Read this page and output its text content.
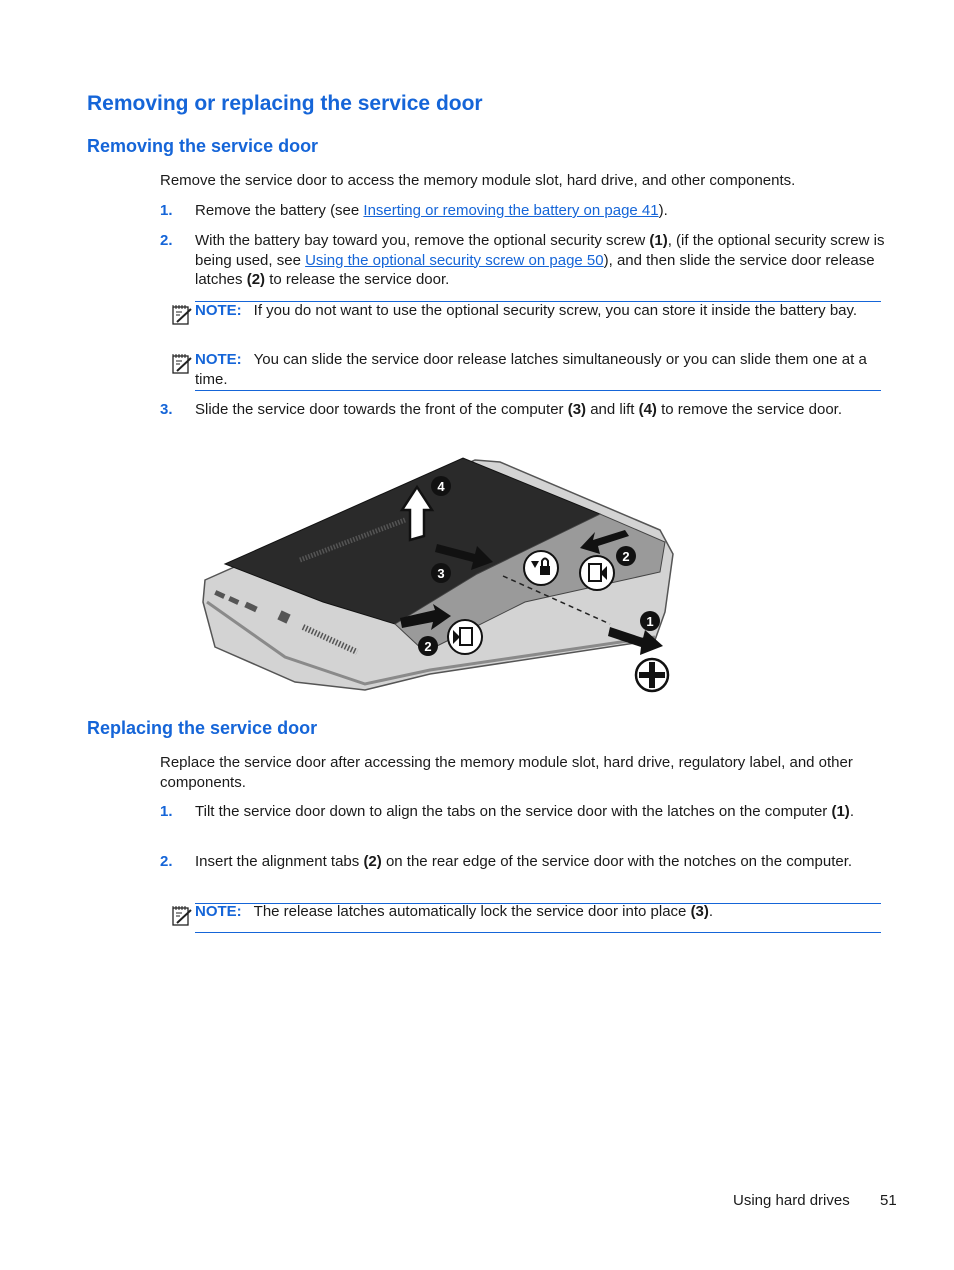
Removing or replacing the service door
Removing the service door

Remove the service door to access the memory module slot, hard drive, and other components.

1. Remove the battery (see Inserting or removing the battery on page 41).
2. With the battery bay toward you, remove the optional security screw (1), (if the optional security screw is being used, see Using the optional security screw on page 50), and then slide the service door release latches (2) to release the service door.
NOTE: If you do not want to use the optional security screw, you can store it inside the battery bay.
NOTE: You can slide the service door release latches simultaneously or you can slide them one at a time.
3. Slide the service door towards the front of the computer (3) and lift (4) to remove the service door.
1
2
2
3
4
Replacing the service door

Replace the service door after accessing the memory module slot, hard drive, regulatory label, and other components.

1. Tilt the service door down to align the tabs on the service door with the latches on the computer (1).
2. Insert the alignment tabs (2) on the rear edge of the service door with the notches on the computer.
NOTE: The release latches automatically lock the service door into place (3).
Using hard drives 51
